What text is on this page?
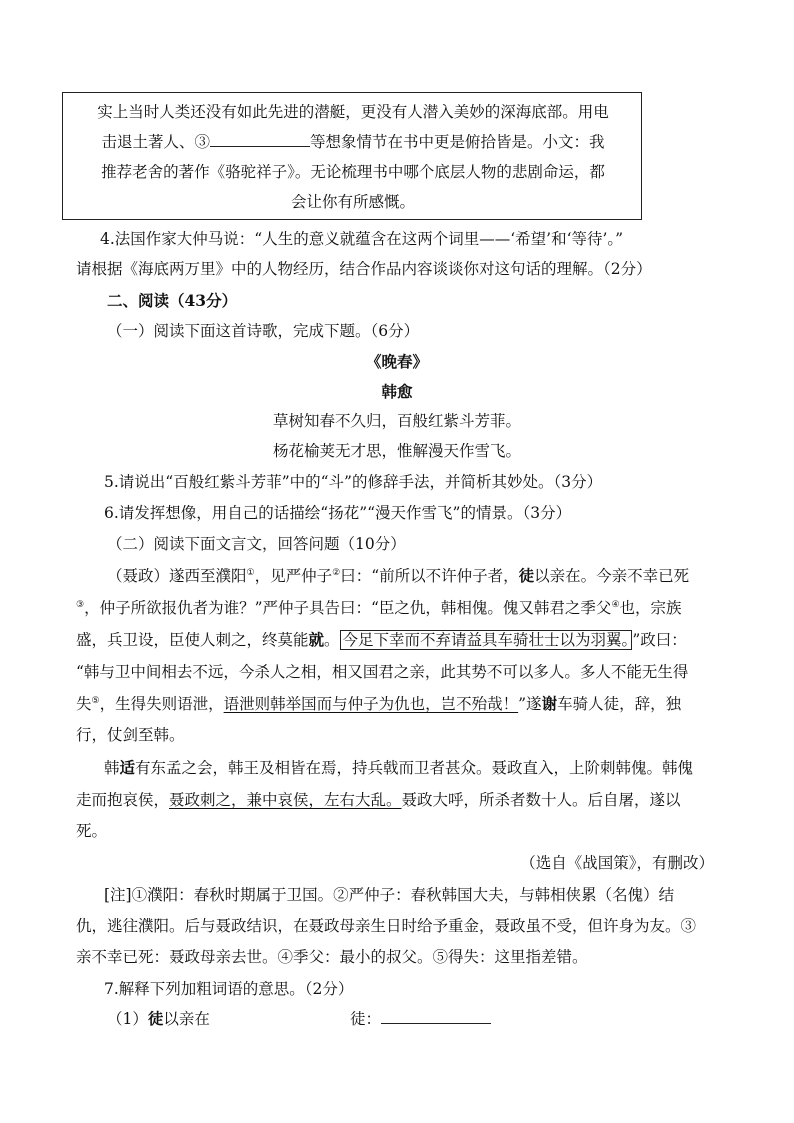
实上当时人类还没有如此先进的潜艇，更没有人潜入美妙的深海底部。用电
击退土著人、③	等想象情节在书中更是俯拾皆是。小文：我
推荐老舍的著作《骆驼祥子》。无论梳理书中哪个底层人物的悲剧命运，都
会让你有所感慨。
4.法国作家大仲马说：“人生的意义就蕴含在这两个词里——‘希望’和‘等待’。”
请根据《海底两万里》中的人物经历，结合作品内容谈谈你对这句话的理解。（2分）
二、阅读（43分）
（一）阅读下面这首诗歌，完成下题。（6分）
《晚春》
韩愈
草树知春不久归，百般红紫斗芳菲。
杨花榆荚无才思，惟解漫天作雪飞。
5.请说出“百般红紫斗芳菲”中的“斗”的修辞手法，并简析其妙处。（3分）
6.请发挥想像，用自己的话描绘“扬花”“漫天作雪飞”的情景。（3分）
（二）阅读下面文言文，回答问题（10分）
（聂政）遂西至濮阳①，见严仲子②曰：“前所以不许仲子者，徒以亲在。今亲不幸已死
③，仲子所欲报仇者为谁？”严仲子具告曰：“臣之仇，韩相傀。傀又韩君之季父④也，宗族
盛，兵卫设，臣使人刺之，终莫能就。 今足下幸而不弃请益具车骑壮士以为羽翼。 ”政曰：
“韩与卫中间相去不远，今杀人之相，相又国君之亲，此其势不可以多人。多人不能无生得
失⑤，生得失则语泄，语泄则韩举国而与仲子为仇也，岂不殆哉！”遂谢车骑人徒，辞，独
行，仗剑至韩。
韩适有东孟之会，韩王及相皆在焉，持兵戟而卫者甚众。聂政直入，上阶刺韩傀。韩傀
走而抱哀侯，聂政刺之，兼中哀侯，左右大乱。聂政大呼，所杀者数十人。后自屠，遂以
死。
（选自《战国策》，有删改）
[注]①濮阳：春秋时期属于卫国。②严仲子：春秋韩国大夫，与韩相侠累（名傀）结
仇，逃往濮阳。后与聂政结识，在聂政母亲生日时给予重金，聂政虽不受，但许身为友。③
亲不幸已死：聂政母亲去世。④季父：最小的叔父。⑤得失：这里指差错。
7.解释下列加粗词语的意思。（2分）
（1）徒以亲在	徒：
